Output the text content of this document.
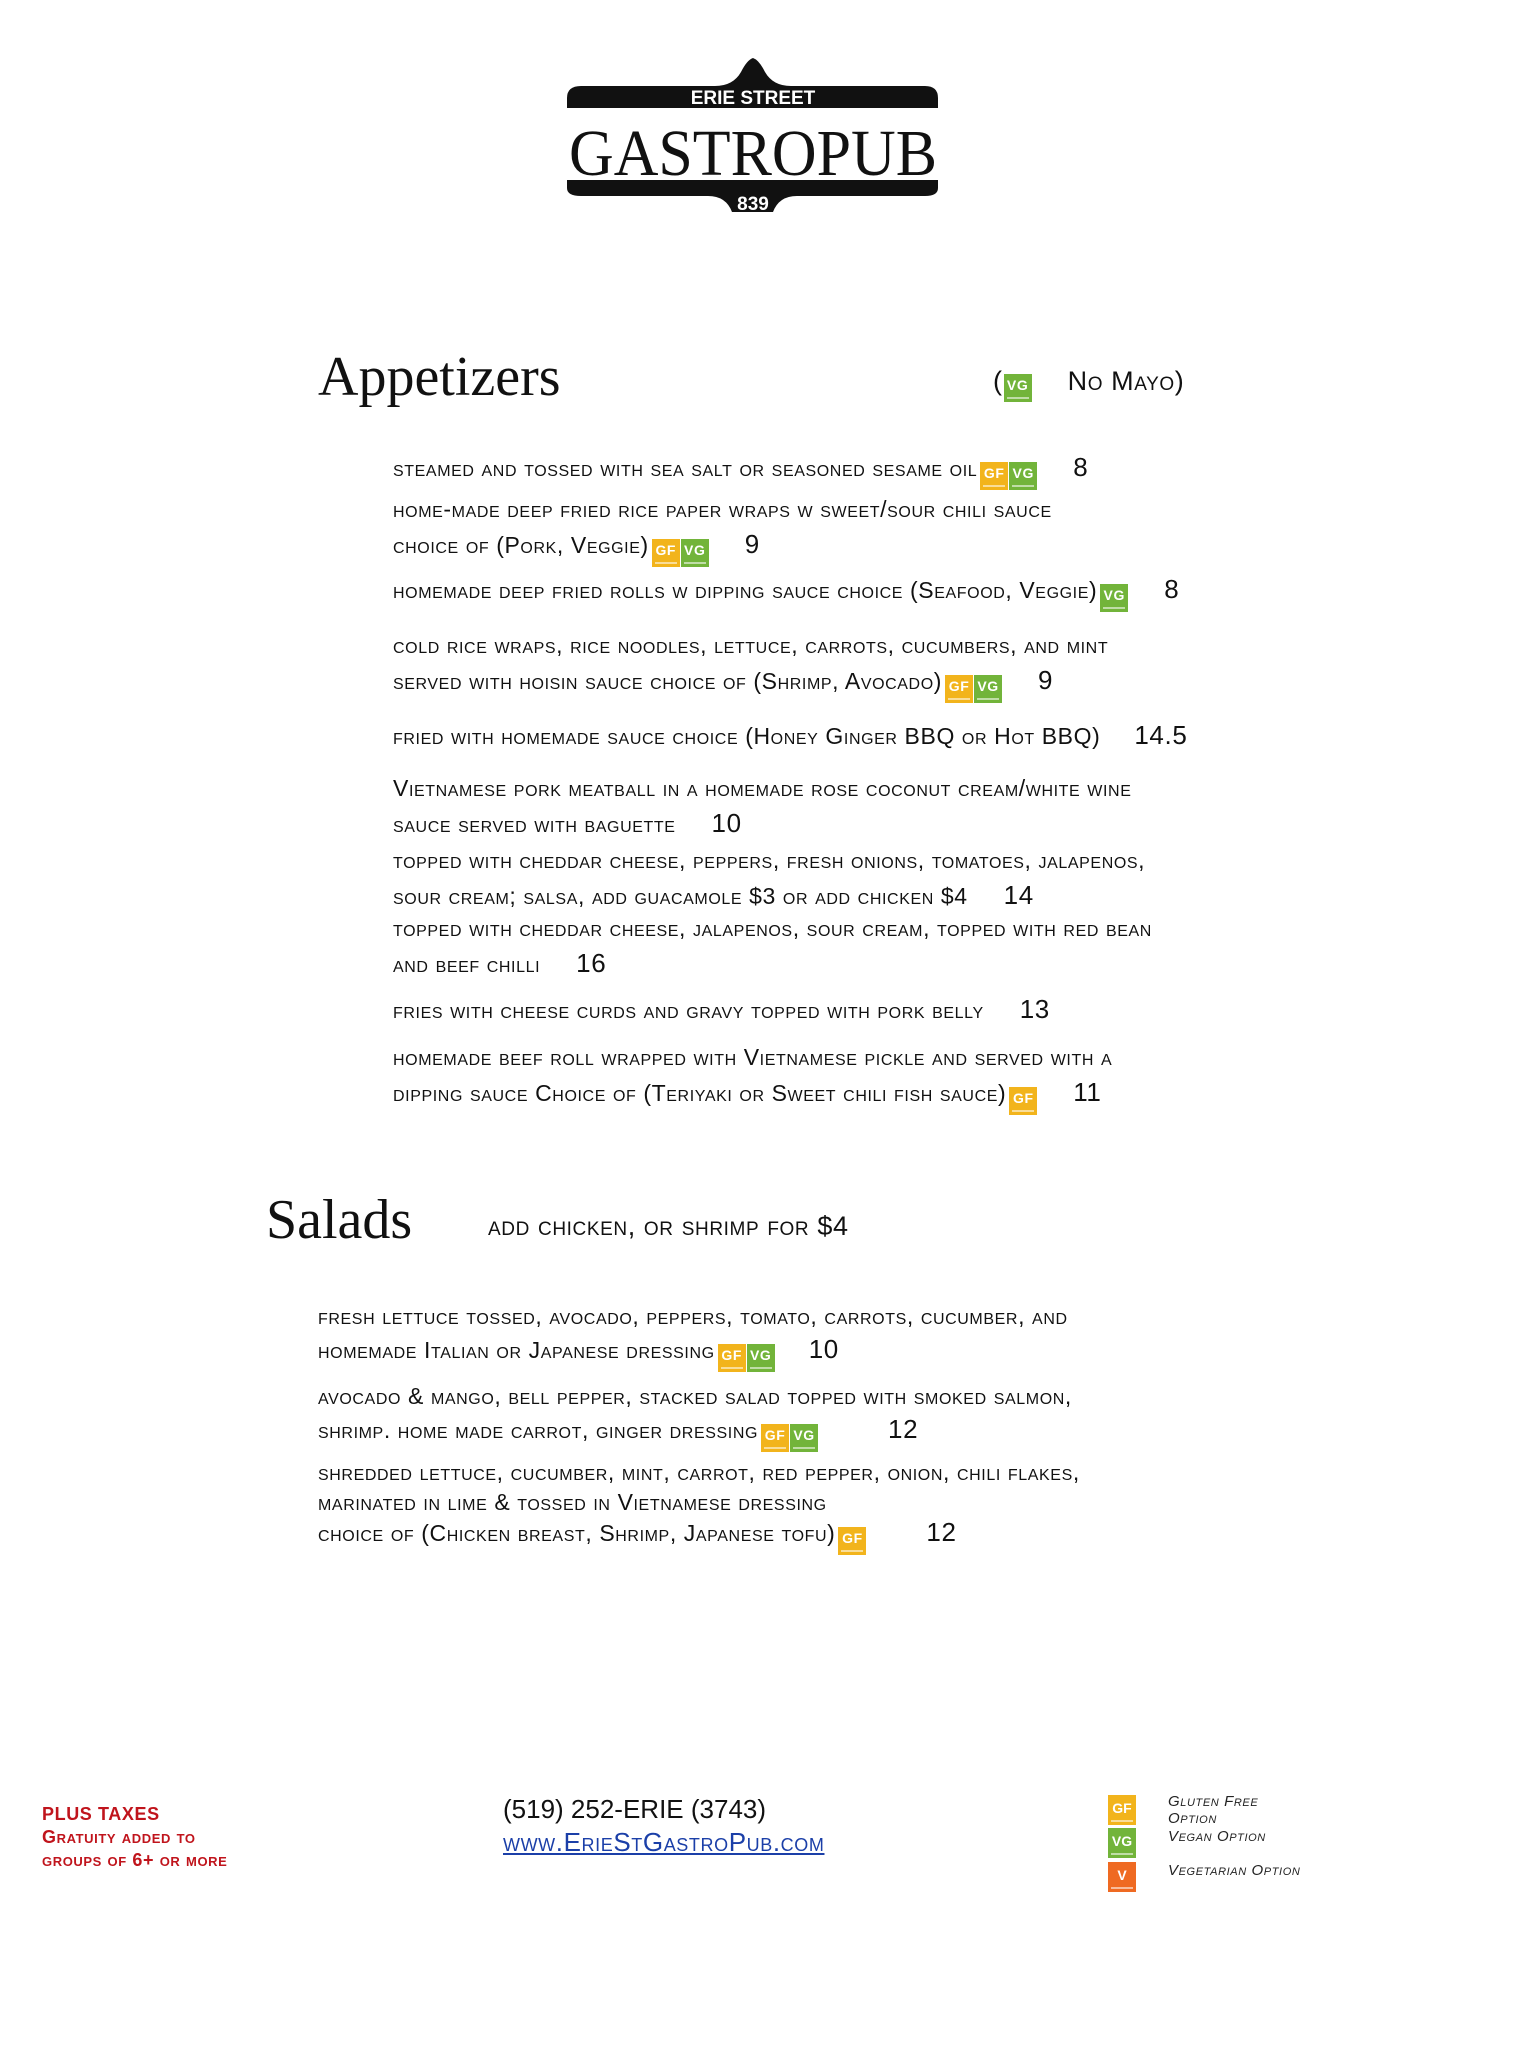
ERIE STREET
GASTROPUB
839
Appetizers	( VG No Mayo)
steamed and tossed with sea salt or seasoned sesame oil GF VG 8
home-made deep fried rice paper wraps w sweet/sour chili sauce
choice of (Pork, Veggie) GF VG 9
homemade deep fried rolls w dipping sauce choice (Seafood, Veggie) VG 8
cold rice wraps, rice noodles, lettuce, carrots, cucumbers, and mint
served with hoisin sauce choice of (Shrimp, Avocado) GF VG 9
fried with homemade sauce choice (Honey Ginger BBQ or Hot BBQ) 14.5
Vietnamese pork meatball in a homemade rose coconut cream/white wine
sauce served with baguette 10
topped with cheddar cheese, peppers, fresh onions, tomatoes, jalapenos,
sour cream; salsa, add guacamole $3 or add chicken $4 14
topped with cheddar cheese, jalapenos, sour cream, topped with red bean
and beef chilli 16
fries with cheese curds and gravy topped with pork belly 13
homemade beef roll wrapped with Vietnamese pickle and served with a
dipping sauce Choice of (Teriyaki or Sweet chili fish sauce) GF 11
Salads	add chicken, or shrimp for $4
fresh lettuce tossed, avocado, peppers, tomato, carrots, cucumber, and
homemade Italian or Japanese dressing GF VG 10
avocado & mango, bell pepper, stacked salad topped with smoked salmon,
shrimp. home made carrot, ginger dressing GF VG	12
shredded lettuce, cucumber, mint, carrot, red pepper, onion, chili flakes,
marinated in lime & tossed in Vietnamese dressing
choice of (Chicken breast, Shrimp, Japanese tofu) GF 12
PLUS TAXES
Gratuity added to
groups of 6+ or more
(519) 252-ERIE (3743)
www.ErieStGastroPub.com
GF Gluten Free Option
VG Vegan Option
V	Vegetarian Option
